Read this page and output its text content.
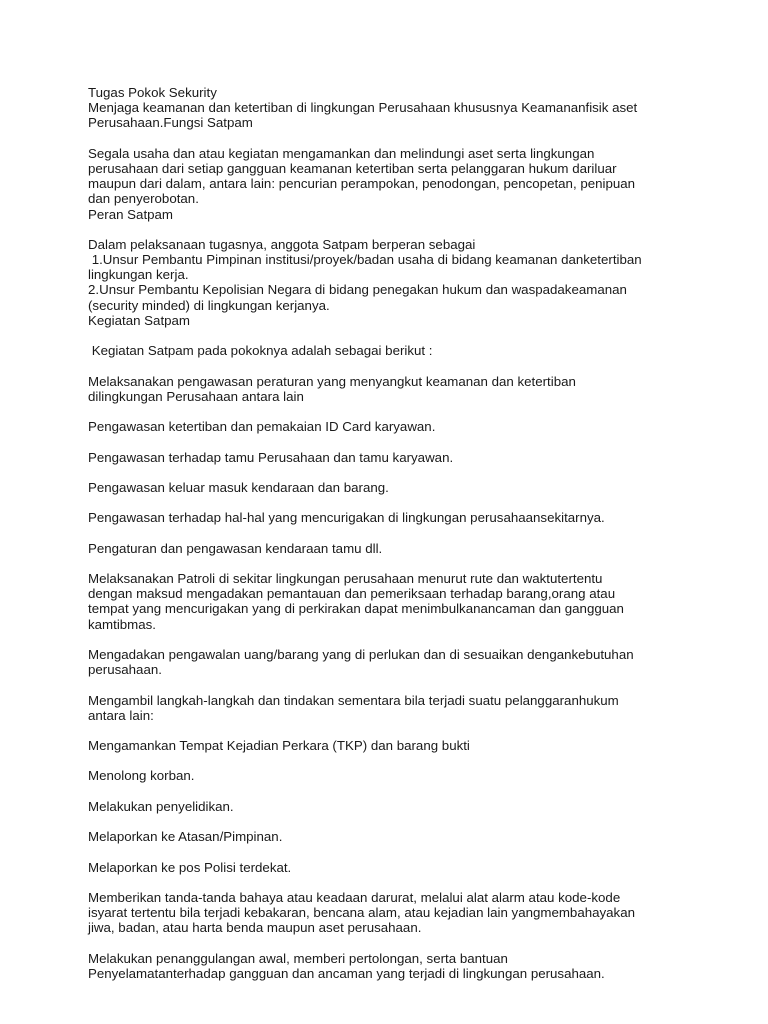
Tugas Pokok Sekurity
Menjaga keamanan dan ketertiban di lingkungan Perusahaan khususnya Keamananfisik aset
Perusahaan.Fungsi Satpam
Segala usaha dan atau kegiatan mengamankan dan melindungi aset serta lingkungan
perusahaan dari setiap gangguan keamanan ketertiban serta pelanggaran hukum dariluar
maupun dari dalam, antara lain: pencurian perampokan, penodongan, pencopetan, penipuan
dan penyerobotan.
Peran Satpam
Dalam pelaksanaan tugasnya, anggota Satpam berperan sebagai
1.Unsur Pembantu Pimpinan institusi/proyek/badan usaha di bidang keamanan danketertiban
lingkungan kerja.
2.Unsur Pembantu Kepolisian Negara di bidang penegakan hukum dan waspadakeamanan
(security minded) di lingkungan kerjanya.
Kegiatan Satpam
Kegiatan Satpam pada pokoknya adalah sebagai berikut :
Melaksanakan pengawasan peraturan yang menyangkut keamanan dan ketertiban
dilingkungan Perusahaan antara lain
Pengawasan ketertiban dan pemakaian ID Card karyawan.
Pengawasan terhadap tamu Perusahaan dan tamu karyawan.
Pengawasan keluar masuk kendaraan dan barang.
Pengawasan terhadap hal-hal yang mencurigakan di lingkungan perusahaansekitarnya.
Pengaturan dan pengawasan kendaraan tamu dll.
Melaksanakan Patroli di sekitar lingkungan perusahaan menurut rute dan waktutertentu
dengan maksud mengadakan pemantauan dan pemeriksaan terhadap barang,orang atau
tempat yang mencurigakan yang di perkirakan dapat menimbulkanancaman dan gangguan
kamtibmas.
Mengadakan pengawalan uang/barang yang di perlukan dan di sesuaikan dengankebutuhan
perusahaan.
Mengambil langkah-langkah dan tindakan sementara bila terjadi suatu pelanggaranhukum
antara lain:
Mengamankan Tempat Kejadian Perkara (TKP) dan barang bukti
Menolong korban.
Melakukan penyelidikan.
Melaporkan ke Atasan/Pimpinan.
Melaporkan ke pos Polisi terdekat.
Memberikan tanda-tanda bahaya atau keadaan darurat, melalui alat alarm atau kode-kode
isyarat tertentu bila terjadi kebakaran, bencana alam, atau kejadian lain yangmembahayakan
jiwa, badan, atau harta benda maupun aset perusahaan.
Melakukan penanggulangan awal, memberi pertolongan, serta bantuan
Penyelamatanterhadap gangguan dan ancaman yang terjadi di lingkungan perusahaan.
